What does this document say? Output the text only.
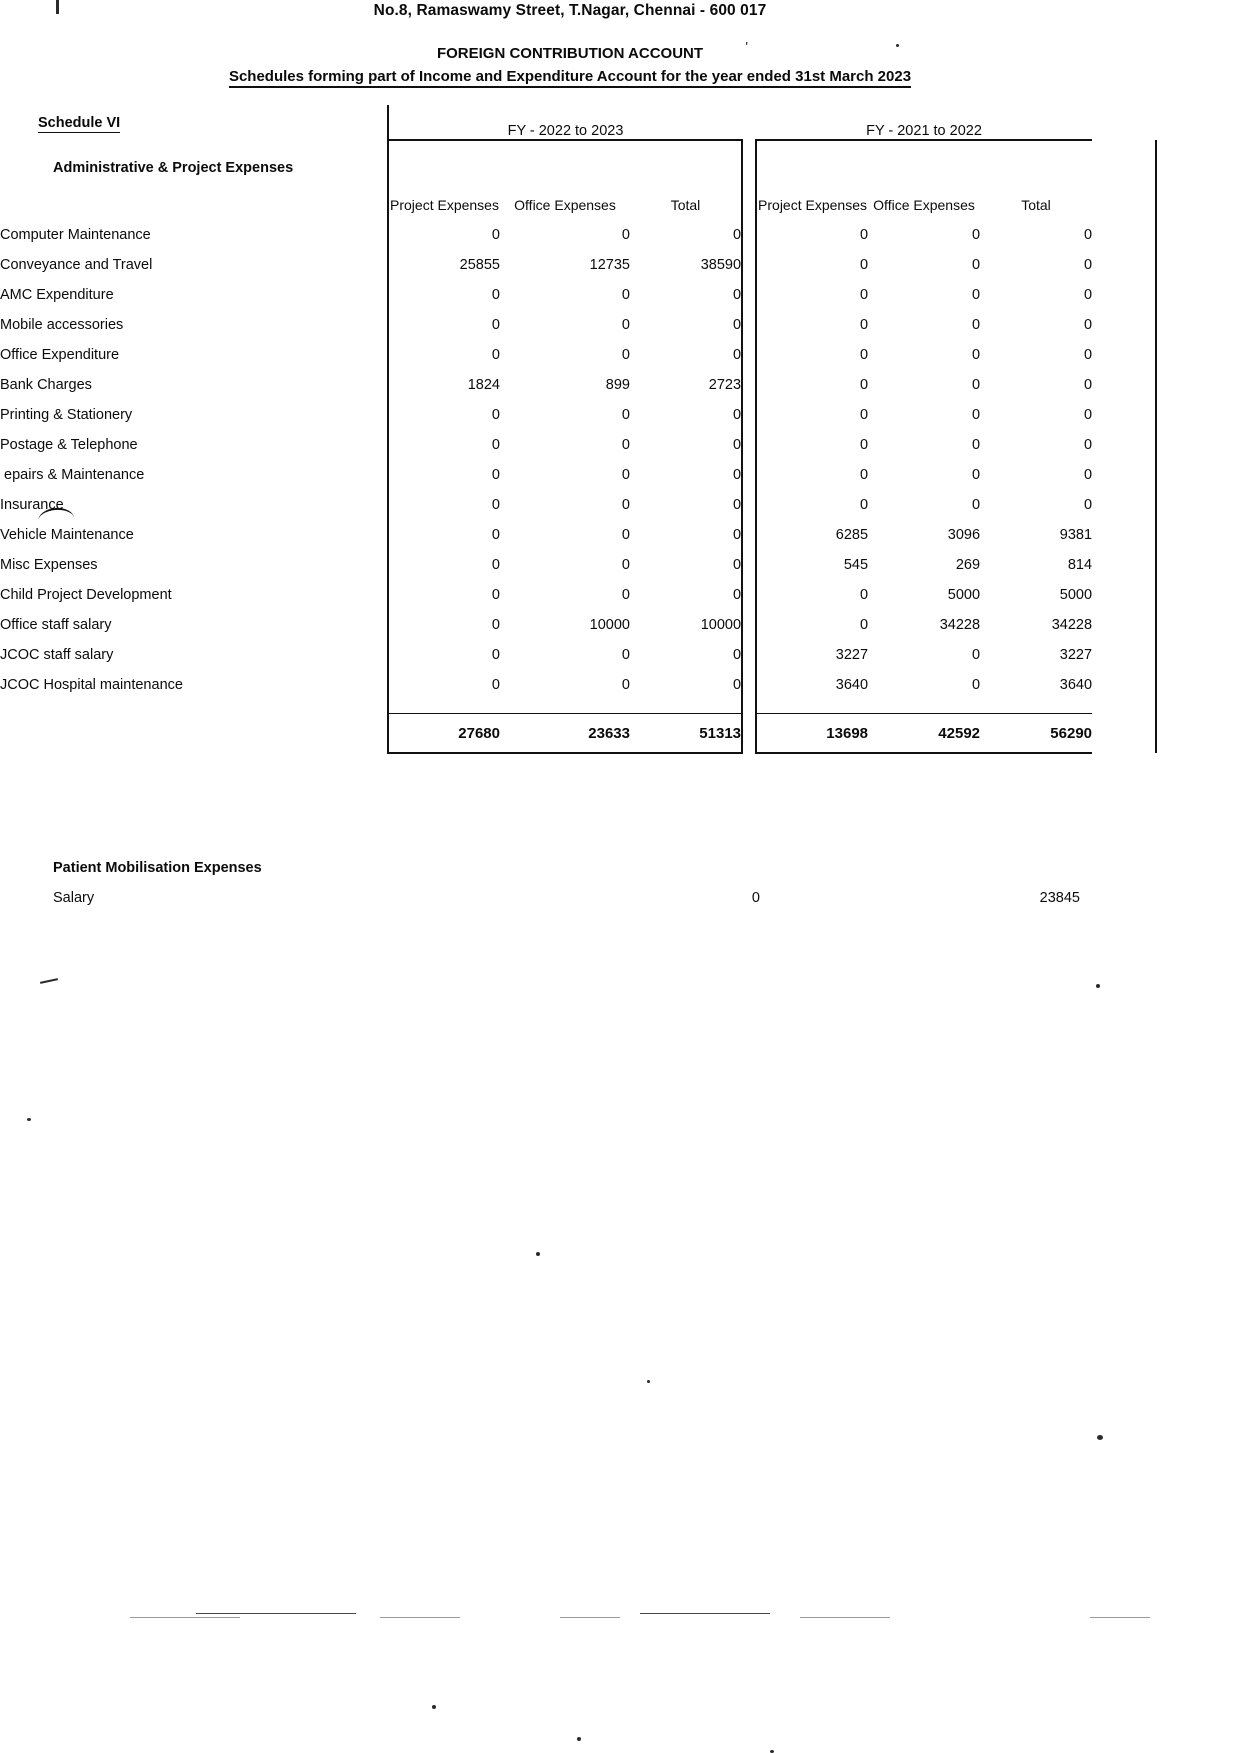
No.8, Ramaswamy Street, T.Nagar, Chennai - 600 017
FOREIGN CONTRIBUTION ACCOUNT	'
Schedules forming part of Income and Expenditure Account for the year ended 31st March 2023
Schedule VI
Administrative & Project Expenses
	FY - 2022 to 2023				FY - 2021 to 2022			
	Project Expenses	Office Expenses	Total		Project Expenses	Office Expenses	Total	
Computer Maintenance	0	0	0		0	0	0	
Conveyance and Travel	25855	12735	38590		0	0	0	
AMC Expenditure	0	0	0		0	0	0	
Mobile accessories	0	0	0		0	0	0	
Office Expenditure	0	0	0		0	0	0	
Bank Charges	1824	899	2723		0	0	0	
Printing & Stationery	0	0	0		0	0	0	
Postage & Telephone	0	0	0		0	0	0	
epairs & Maintenance	0	0	0		0	0	0	
Insurance	0	0	0		0	0	0	
Vehicle Maintenance	0	0	0		6285	3096	9381	
Misc Expenses	0	0	0		545	269	814	
Child Project Development	0	0	0		0	5000	5000	
Office staff salary	0	10000	10000		0	34228	34228	
JCOC staff salary	0	0	0		3227	0	3227	
JCOC Hospital maintenance	0	0	0		3640	0	3640	

	27680	23633	51313		13698	42592	56290	
Patient Mobilisation Expenses
Salary	0	23845
